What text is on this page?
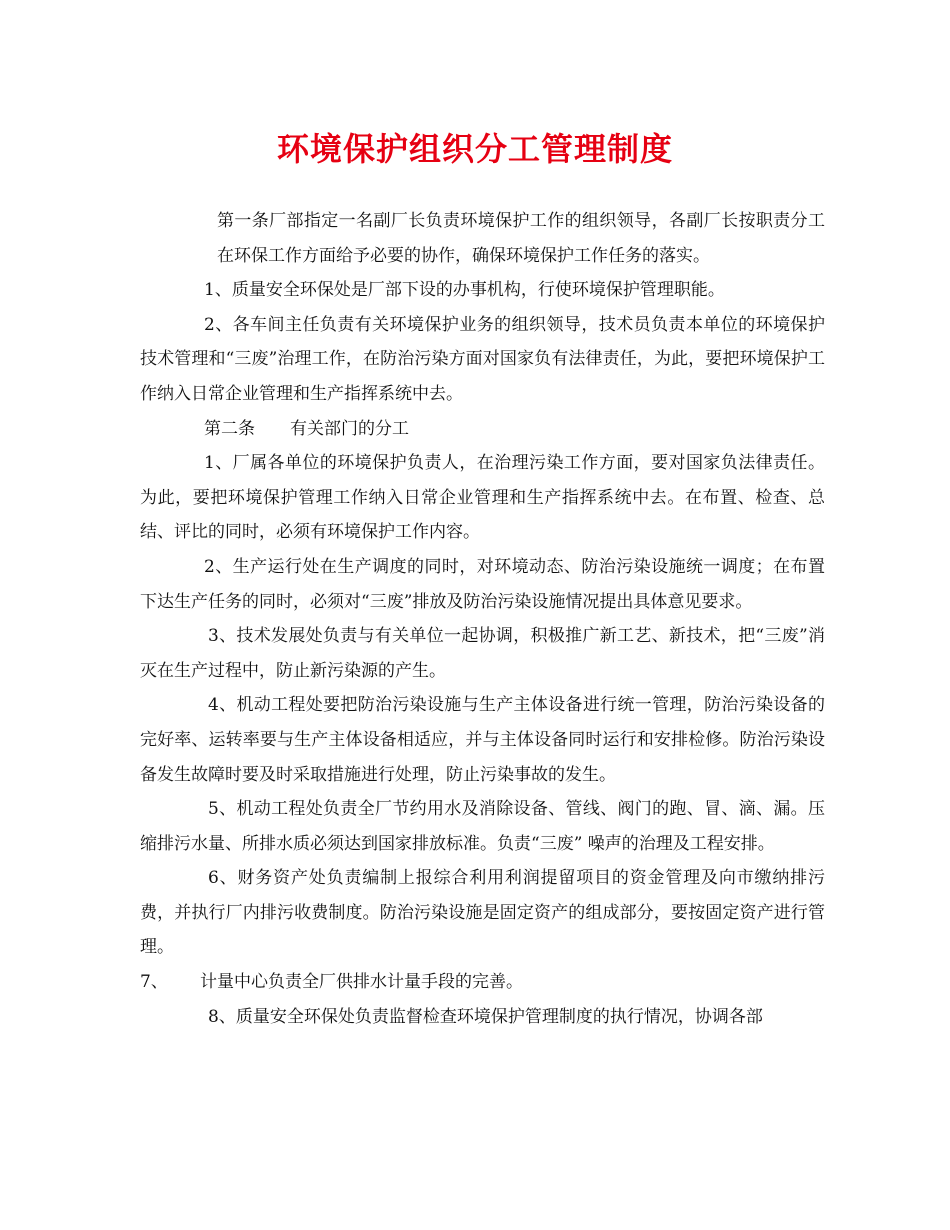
环境保护组织分工管理制度

第一条厂部指定一名副厂长负责环境保护工作的组织领导，各副厂长按职责分工在环保工作方面给予必要的协作，确保环境保护工作任务的落实。

1、质量安全环保处是厂部下设的办事机构，行使环境保护管理职能。

2、各车间主任负责有关环境保护业务的组织领导，技术员负责本单位的环境保护技术管理和“三废”治理工作，在防治污染方面对国家负有法律责任，为此，要把环境保护工作纳入日常企业管理和生产指挥系统中去。

第二条 有关部门的分工

1、厂属各单位的环境保护负责人，在治理污染工作方面，要对国家负法律责任。为此，要把环境保护管理工作纳入日常企业管理和生产指挥系统中去。在布置、检查、总结、评比的同时，必须有环境保护工作内容。

2、生产运行处在生产调度的同时，对环境动态、防治污染设施统一调度；在布置下达生产任务的同时，必须对“三废”排放及防治污染设施情况提出具体意见要求。

3、技术发展处负责与有关单位一起协调，积极推广新工艺、新技术，把“三废”消灭在生产过程中，防止新污染源的产生。

4、机动工程处要把防治污染设施与生产主体设备进行统一管理，防治污染设备的完好率、运转率要与生产主体设备相适应，并与主体设备同时运行和安排检修。防治污染设备发生故障时要及时采取措施进行处理，防止污染事故的发生。

5、机动工程处负责全厂节约用水及消除设备、管线、阀门的跑、冒、滴、漏。压缩排污水量、所排水质必须达到国家排放标准。负责“三废” 噪声的治理及工程安排。

6、财务资产处负责编制上报综合利用利润提留项目的资金管理及向市缴纳排污费，并执行厂内排污收费制度。防治污染设施是固定资产的组成部分，要按固定资产进行管理。

7、 计量中心负责全厂供排水计量手段的完善。

8、质量安全环保处负责监督检查环境保护管理制度的执行情况，协调各部
